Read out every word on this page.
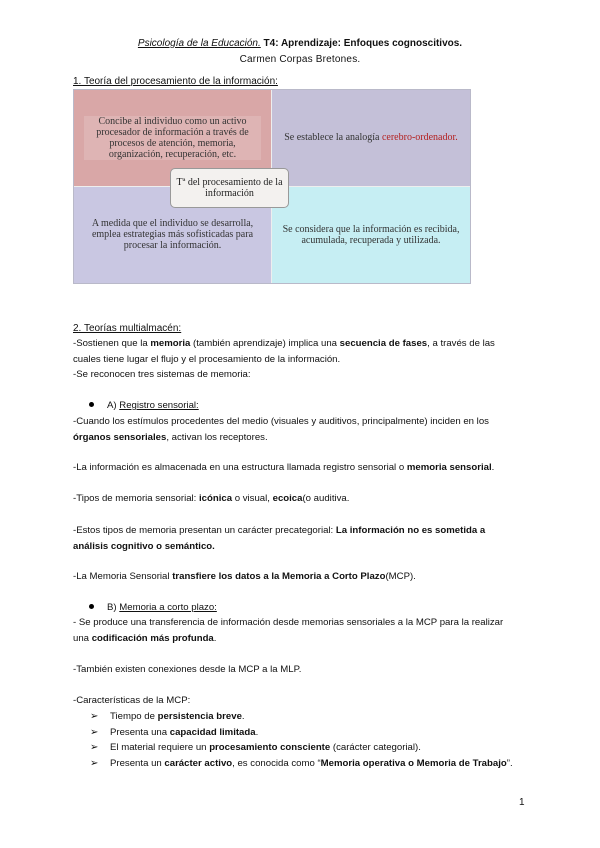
Psicología de la Educación. T4: Aprendizaje: Enfoques cognoscitivos.
Carmen Corpas Bretones.
1. Teoría del procesamiento de la información:
Concibe al individuo como un activo procesador de información a través de procesos de atención, memoria, organización, recuperación, etc.
Se establece la analogía cerebro-ordenador.
A medida que el individuo se desarrolla, emplea estrategias más sofisticadas para procesar la información.
Se considera que la información es recibida, acumulada, recuperada y utilizada.
Tª del procesamiento de la información
2. Teorías multialmacén:
-Sostienen que la memoria (también aprendizaje) implica una secuencia de fases, a través de las
cuales tiene lugar el flujo y el procesamiento de la información.
-Se reconocen tres sistemas de memoria:
A) Registro sensorial:
-Cuando los estímulos procedentes del medio (visuales y auditivos, principalmente) inciden en los
órganos sensoriales, activan los receptores.
-La información es almacenada en una estructura llamada registro sensorial o memoria sensorial.
-Tipos de memoria sensorial: icónica o visual, ecoica(o auditiva.
-Estos tipos de memoria presentan un carácter precategorial: La información no es sometida a
análisis cognitivo o semántico.
-La Memoria Sensorial transfiere los datos a la Memoria a Corto Plazo(MCP).
B) Memoria a corto plazo:
- Se produce una transferencia de información desde memorias sensoriales a la MCP para la realizar
una codificación más profunda.
-También existen conexiones desde la MCP a la MLP.
-Características de la MCP:
➢ Tiempo de persistencia breve.
➢ Presenta una capacidad limitada.
➢ El material requiere un procesamiento consciente (carácter categorial).
➢ Presenta un carácter activo, es conocida como “Memoria operativa o Memoria de Trabajo”.
1
